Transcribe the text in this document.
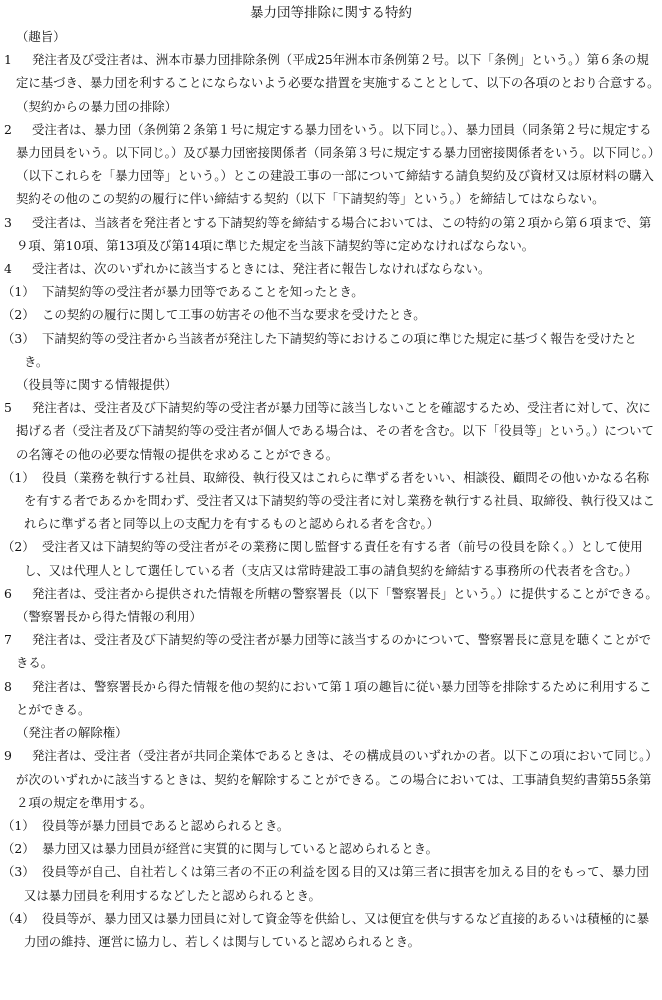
暴力団等排除に関する特約
（趣旨）
1	発注者及び受注者は、洲本市暴力団排除条例（平成25年洲本市条例第２号。以下「条例」という。）第６条の規定に基づき、暴力団を利することにならないよう必要な措置を実施することとして、以下の各項のとおり合意する。
（契約からの暴力団の排除）
2	受注者は、暴力団（条例第２条第１号に規定する暴力団をいう。以下同じ。）、暴力団員（同条第２号に規定する暴力団員をいう。以下同じ。）及び暴力団密接関係者（同条第３号に規定する暴力団密接関係者をいう。以下同じ。）（以下これらを「暴力団等」という。）とこの建設工事の一部について締結する請負契約及び資材又は原材料の購入契約その他のこの契約の履行に伴い締結する契約（以下「下請契約等」という。）を締結してはならない。
3	受注者は、当該者を発注者とする下請契約等を締結する場合においては、この特約の第２項から第６項まで、第９項、第10項、第13項及び第14項に準じた規定を当該下請契約等に定めなければならない。
4	受注者は、次のいずれかに該当するときには、発注者に報告しなければならない。
（1） 下請契約等の受注者が暴力団等であることを知ったとき。
（2） この契約の履行に関して工事の妨害その他不当な要求を受けたとき。
（3） 下請契約等の受注者から当該者が発注した下請契約等におけるこの項に準じた規定に基づく報告を受けたとき。
（役員等に関する情報提供）
5	発注者は、受注者及び下請契約等の受注者が暴力団等に該当しないことを確認するため、受注者に対して、次に掲げる者（受注者及び下請契約等の受注者が個人である場合は、その者を含む。以下「役員等」という。）についての名簿その他の必要な情報の提供を求めることができる。
（1） 役員（業務を執行する社員、取締役、執行役又はこれらに準ずる者をいい、相談役、顧問その他いかなる名称を有する者であるかを問わず、受注者又は下請契約等の受注者に対し業務を執行する社員、取締役、執行役又はこれらに準ずる者と同等以上の支配力を有するものと認められる者を含む。）
（2） 受注者又は下請契約等の受注者がその業務に関し監督する責任を有する者（前号の役員を除く。）として使用し、又は代理人として選任している者（支店又は常時建設工事の請負契約を締結する事務所の代表者を含む。）
6	発注者は、受注者から提供された情報を所轄の警察署長（以下「警察署長」という。）に提供することができる。
（警察署長から得た情報の利用）
7	発注者は、受注者及び下請契約等の受注者が暴力団等に該当するのかについて、警察署長に意見を聴くことができる。
8	発注者は、警察署長から得た情報を他の契約において第１項の趣旨に従い暴力団等を排除するために利用することができる。
（発注者の解除権）
9	発注者は、受注者（受注者が共同企業体であるときは、その構成員のいずれかの者。以下この項において同じ。）が次のいずれかに該当するときは、契約を解除することができる。この場合においては、工事請負契約書第55条第２項の規定を準用する。
（1） 役員等が暴力団員であると認められるとき。
（2） 暴力団又は暴力団員が経営に実質的に関与していると認められるとき。
（3） 役員等が自己、自社若しくは第三者の不正の利益を図る目的又は第三者に損害を加える目的をもって、暴力団又は暴力団員を利用するなどしたと認められるとき。
（4） 役員等が、暴力団又は暴力団員に対して資金等を供給し、又は便宜を供与するなど直接的あるいは積極的に暴力団の維持、運営に協力し、若しくは関与していると認められるとき。
